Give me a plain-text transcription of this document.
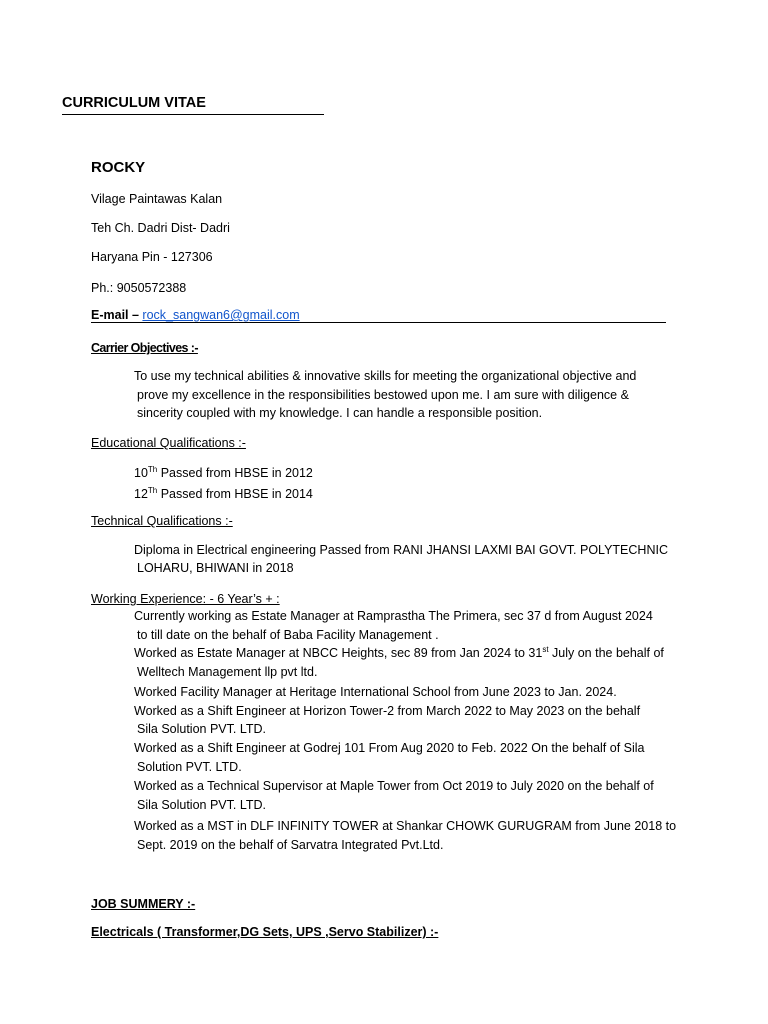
CURRICULUM VITAE
ROCKY
Vilage Paintawas Kalan
Teh Ch. Dadri Dist- Dadri
Haryana Pin - 127306
Ph.: 9050572388
E-mail – rock_sangwan6@gmail.com
Carrier Objectives :-
To use my technical abilities & innovative skills for meeting the organizational objective and
prove my excellence in the responsibilities bestowed upon me. I am sure with diligence &
sincerity coupled with my knowledge. I can handle a responsible position.
Educational Qualifications :-
10Th Passed from HBSE in 2012
12Th Passed from HBSE in 2014
Technical Qualifications :-
Diploma in Electrical engineering Passed from RANI JHANSI LAXMI BAI GOVT. POLYTECHNIC
LOHARU, BHIWANI in 2018
Working Experience: - 6 Year’s + :
Currently working as Estate Manager at Ramprastha The Primera, sec 37 d from August 2024
to till date on the behalf of Baba Facility Management .
Worked as Estate Manager at NBCC Heights, sec 89 from Jan 2024 to 31st July on the behalf of
Welltech Management llp pvt ltd.
Worked Facility Manager at Heritage International School from June 2023 to Jan. 2024.
Worked as a Shift Engineer at Horizon Tower-2 from March 2022 to May 2023 on the behalf
Sila Solution PVT. LTD.
Worked as a Shift Engineer at Godrej 101 From Aug 2020 to Feb. 2022 On the behalf of Sila
Solution PVT. LTD.
Worked as a Technical Supervisor at Maple Tower from Oct 2019 to July 2020 on the behalf of
Sila Solution PVT. LTD.
Worked as a MST in DLF INFINITY TOWER at Shankar CHOWK GURUGRAM from June 2018 to
Sept. 2019 on the behalf of Sarvatra Integrated Pvt.Ltd.
JOB SUMMERY :-
Electricals ( Transformer,DG Sets, UPS ,Servo Stabilizer) :-
